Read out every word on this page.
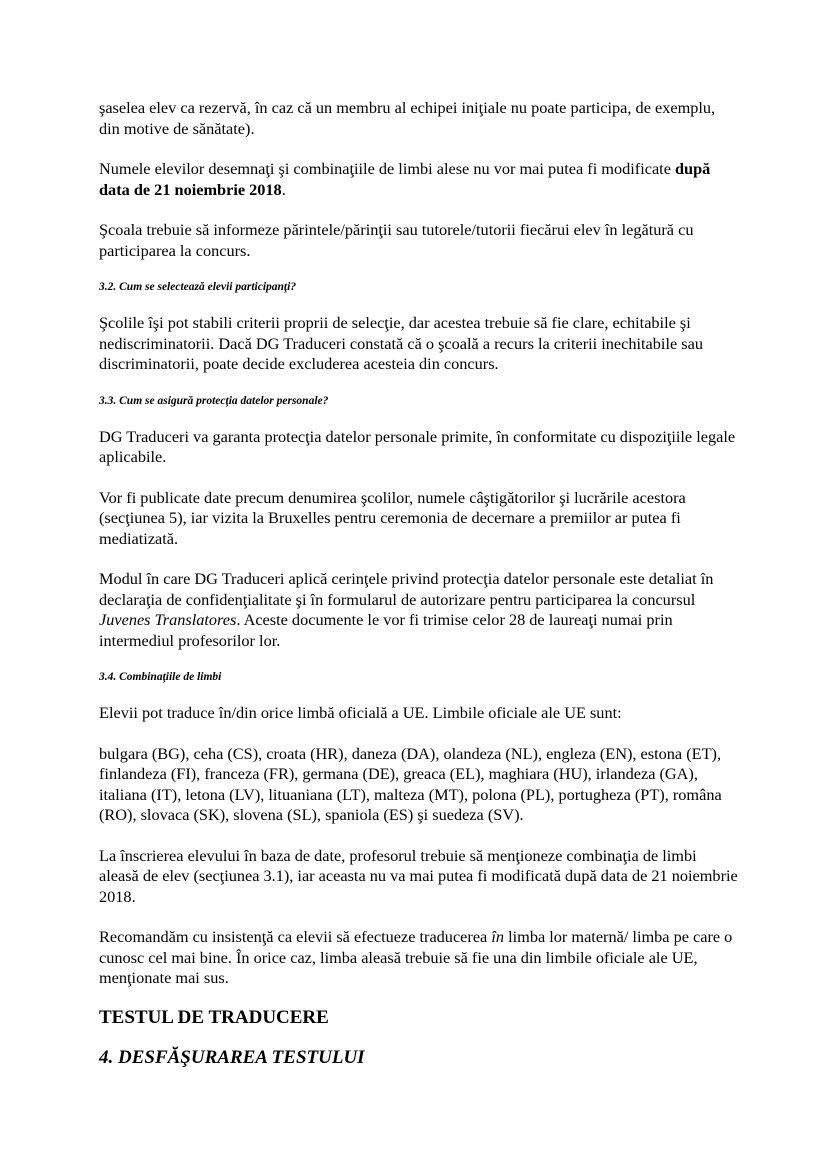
şaselea elev ca rezervă, în caz că un membru al echipei iniţiale nu poate participa, de exemplu, din motive de sănătate).

Numele elevilor desemnaţi şi combinaţiile de limbi alese nu vor mai putea fi modificate după data de 21 noiembrie 2018.

Şcoala trebuie să informeze părintele/părinţii sau tutorele/tutorii fiecărui elev în legătură cu participarea la concurs.

3.2. Cum se selectează elevii participanţi?

Şcolile îşi pot stabili criterii proprii de selecţie, dar acestea trebuie să fie clare, echitabile şi nediscriminatorii. Dacă DG Traduceri constată că o şcoală a recurs la criterii inechitabile sau discriminatorii, poate decide excluderea acesteia din concurs.

3.3. Cum se asigură protecţia datelor personale?

DG Traduceri va garanta protecţia datelor personale primite, în conformitate cu dispoziţiile legale aplicabile.

Vor fi publicate date precum denumirea şcolilor, numele câştigătorilor şi lucrările acestora (secţiunea 5), iar vizita la Bruxelles pentru ceremonia de decernare a premiilor ar putea fi mediatizată.

Modul în care DG Traduceri aplică cerinţele privind protecţia datelor personale este detaliat în declaraţia de confidenţialitate şi în formularul de autorizare pentru participarea la concursul Juvenes Translatores. Aceste documente le vor fi trimise celor 28 de laureaţi numai prin intermediul profesorilor lor.

3.4. Combinaţiile de limbi

Elevii pot traduce în/din orice limbă oficială a UE. Limbile oficiale ale UE sunt:

bulgara (BG), ceha (CS), croata (HR), daneza (DA), olandeza (NL), engleza (EN), estona (ET), finlandeza (FI), franceza (FR), germana (DE), greaca (EL), maghiara (HU), irlandeza (GA), italiana (IT), letona (LV), lituaniana (LT), malteza (MT), polona (PL), portugheza (PT), româna (RO), slovaca (SK), slovena (SL), spaniola (ES) şi suedeza (SV).

La înscrierea elevului în baza de date, profesorul trebuie să menţioneze combinaţia de limbi aleasă de elev (secţiunea 3.1), iar aceasta nu va mai putea fi modificată după data de 21 noiembrie 2018.

Recomandăm cu insistenţă ca elevii să efectueze traducerea în limba lor maternă/ limba pe care o cunosc cel mai bine. În orice caz, limba aleasă trebuie să fie una din limbile oficiale ale UE, menţionate mai sus.

TESTUL DE TRADUCERE
4. DESFĂŞURAREA TESTULUI
